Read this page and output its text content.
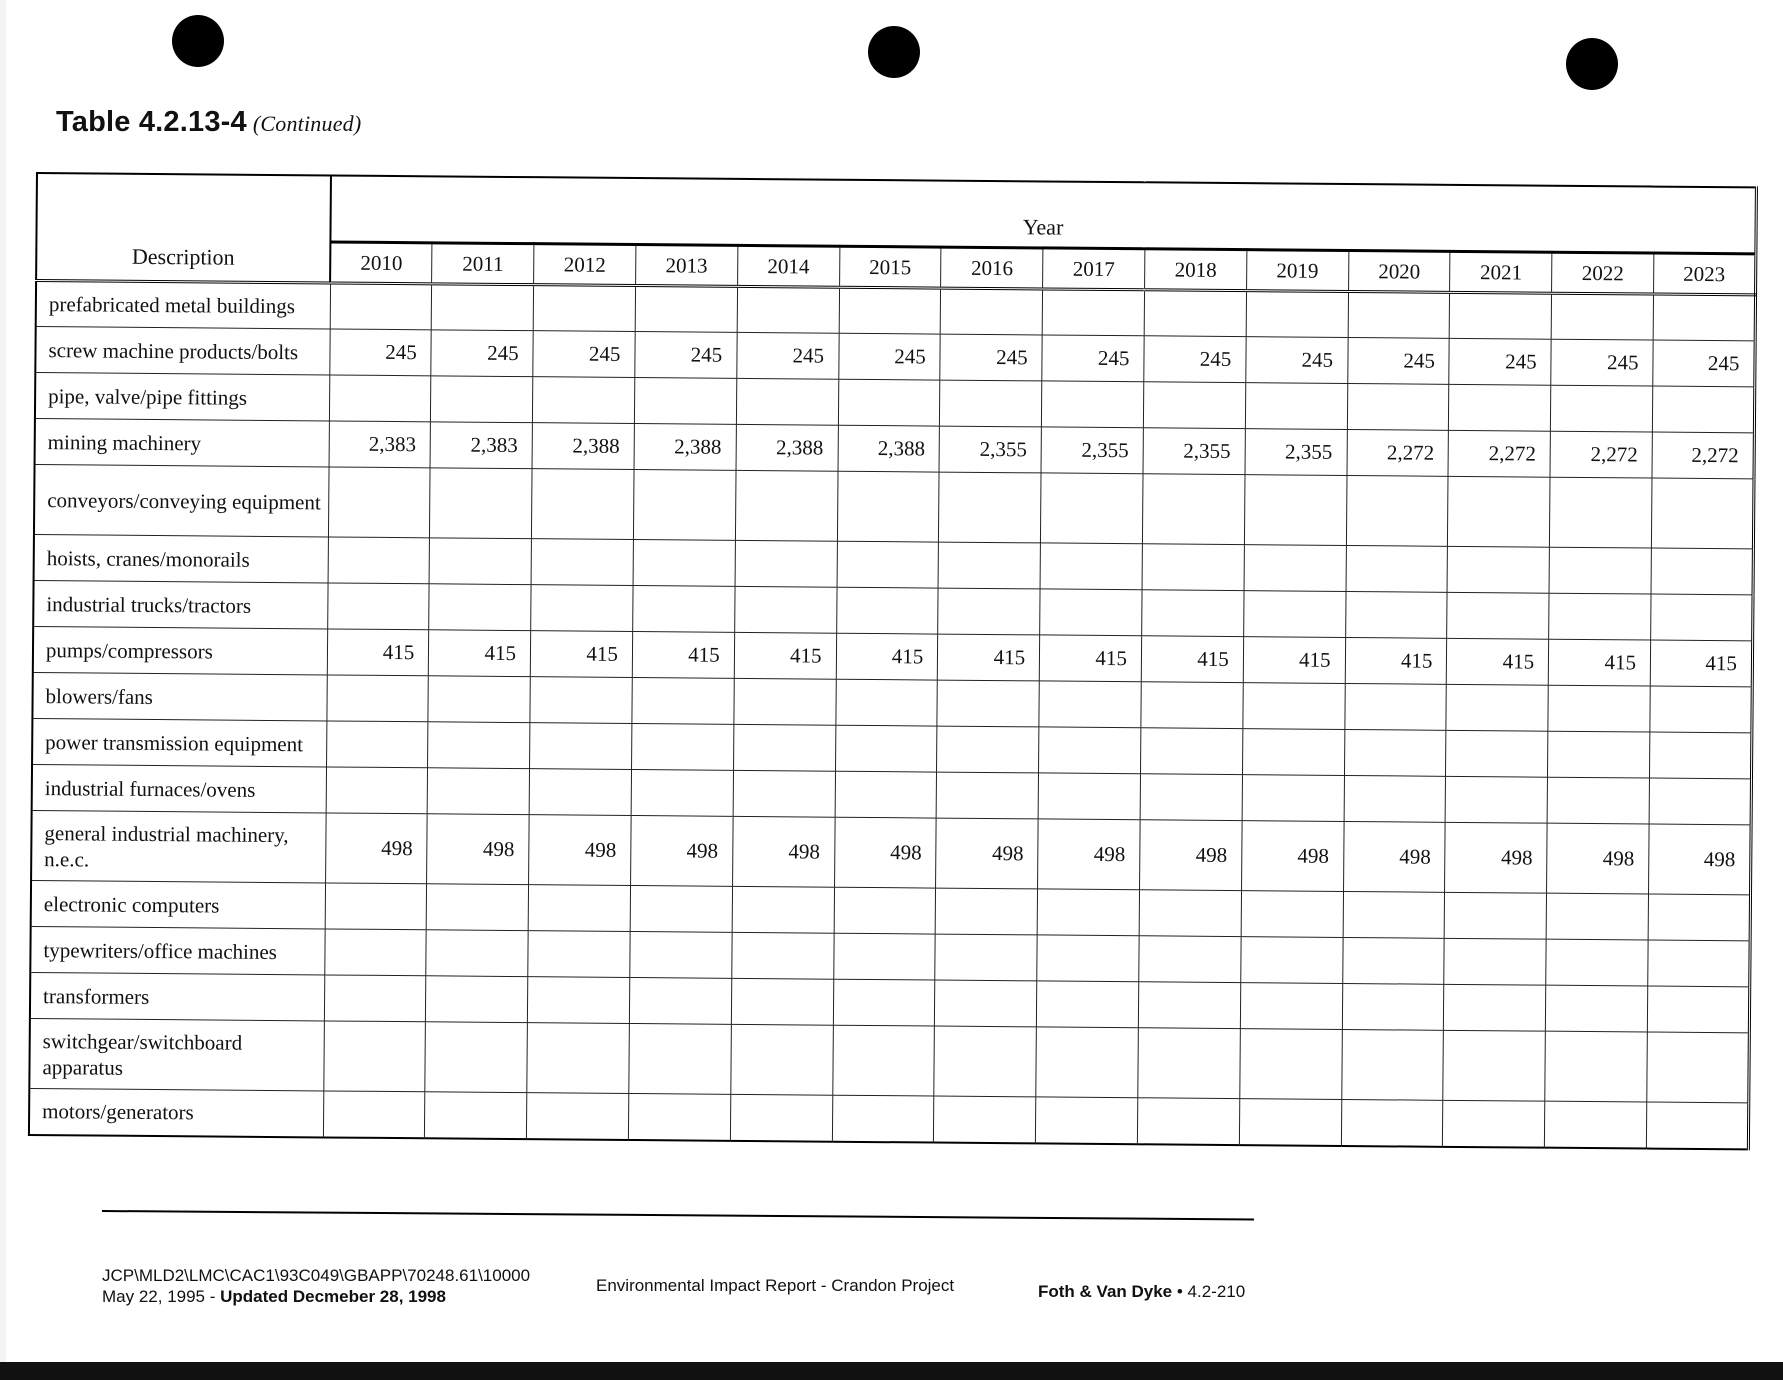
Table 4.2.13-4 (Continued)
Description	Year													
	2010	2011	2012	2013	2014	2015	2016	2017	2018	2019	2020	2021	2022	2023
prefabricated metal buildings														
screw machine products/bolts	245	245	245	245	245	245	245	245	245	245	245	245	245	245
pipe, valve/pipe fittings														
mining machinery	2,383	2,383	2,388	2,388	2,388	2,388	2,355	2,355	2,355	2,355	2,272	2,272	2,272	2,272
conveyors/conveying equipment														
hoists, cranes/monorails														
industrial trucks/tractors														
pumps/compressors	415	415	415	415	415	415	415	415	415	415	415	415	415	415
blowers/fans														
power transmission equipment														
industrial furnaces/ovens														
general industrial machinery, n.e.c.	498	498	498	498	498	498	498	498	498	498	498	498	498	498
electronic computers														
typewriters/office machines														
transformers														
switchgear/switchboard apparatus														
motors/generators														
JCP\MLD2\LMC\CAC1\93C049\GBAPP\70248.61\10000
May 22, 1995 - Updated Decmeber 28, 1998
Environmental Impact Report - Crandon Project	Foth & Van Dyke • 4.2-210
